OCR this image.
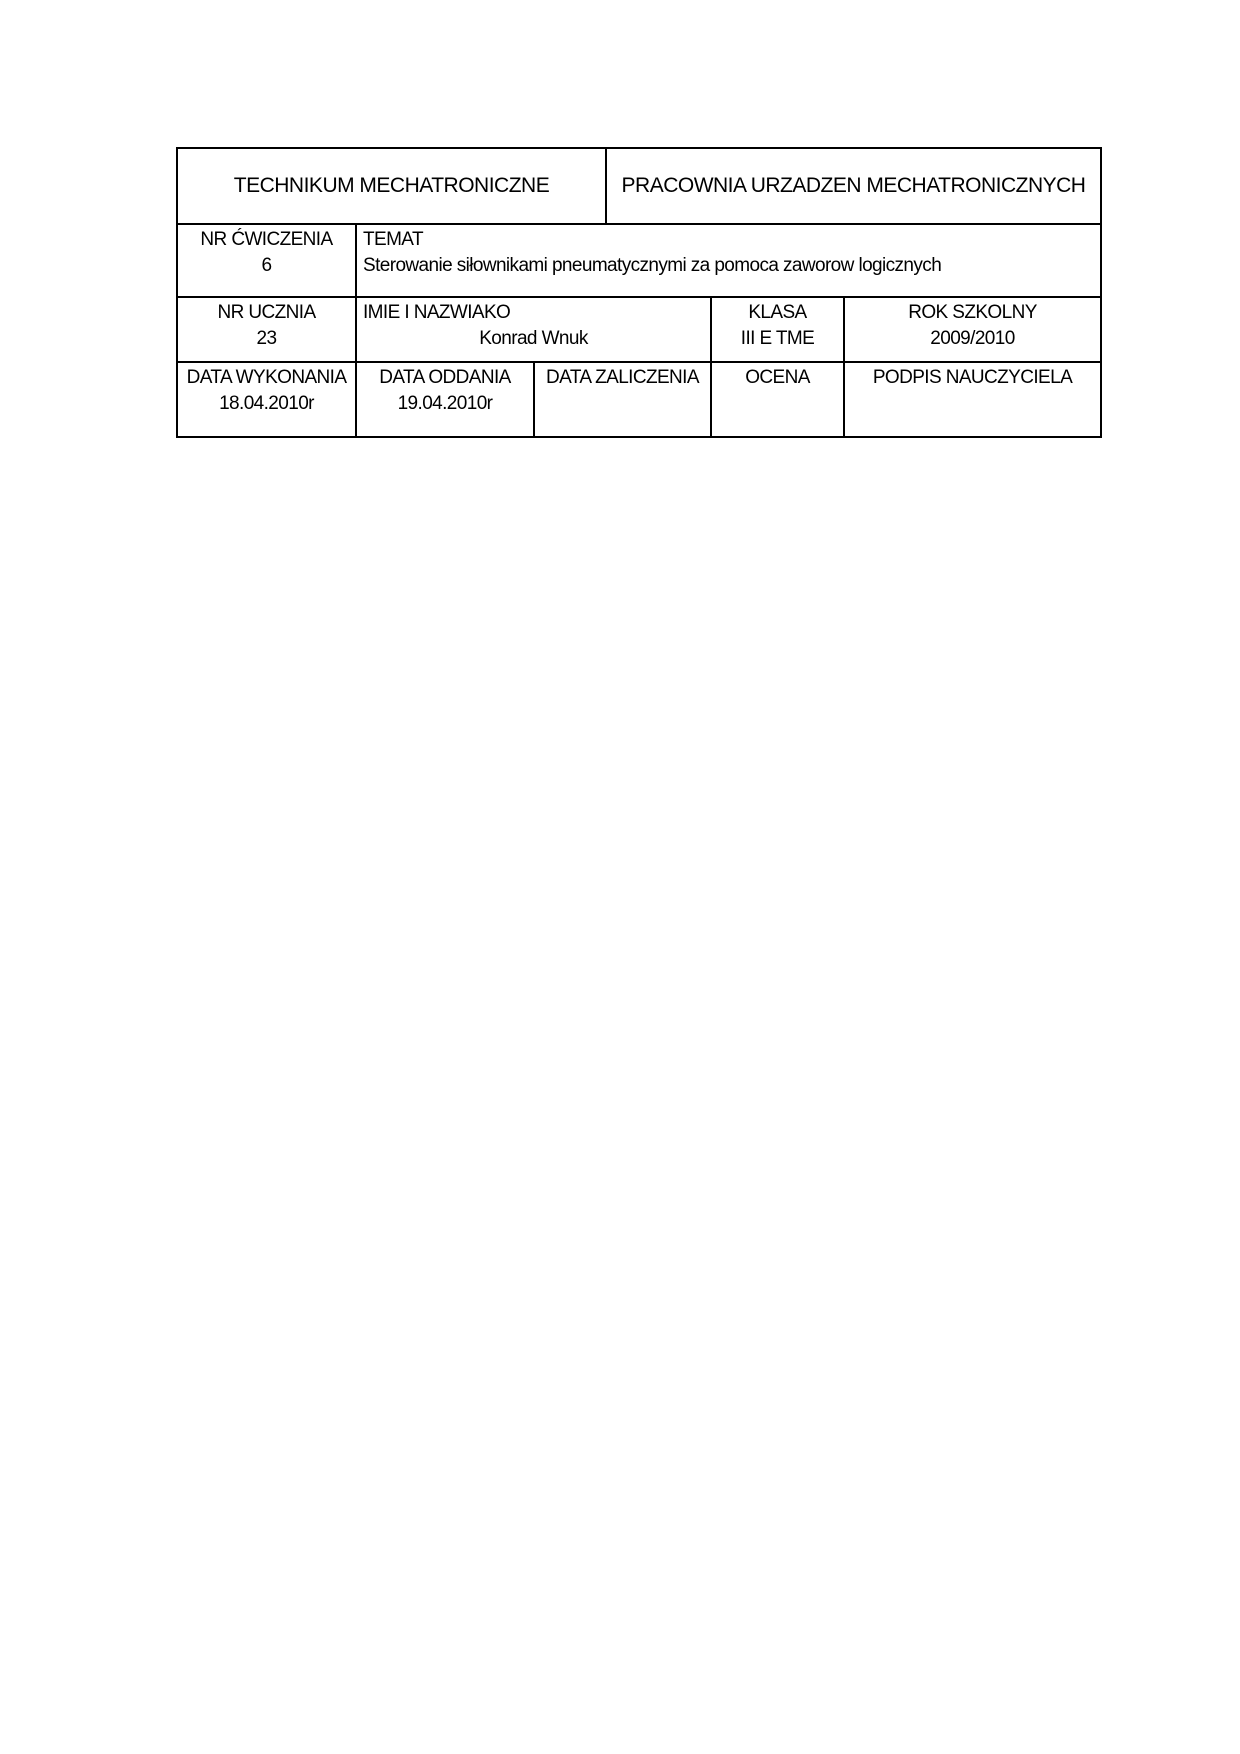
TECHNIKUM MECHATRONICZNE	PRACOWNIA URZADZEN MECHATRONICZNYCH
NR ĆWICZENIA
6
TEMAT
Sterowanie siłownikami pneumatycznymi za pomoca zaworow logicznych
NR UCZNIA
23
IMIE I NAZWIAKO
Konrad Wnuk
KLASA
III E TME
ROK SZKOLNY
2009/2010
DATA WYKONANIA
18.04.2010r
DATA ODDANIA
19.04.2010r
DATA ZALICZENIA OCENA	PODPIS NAUCZYCIELA
